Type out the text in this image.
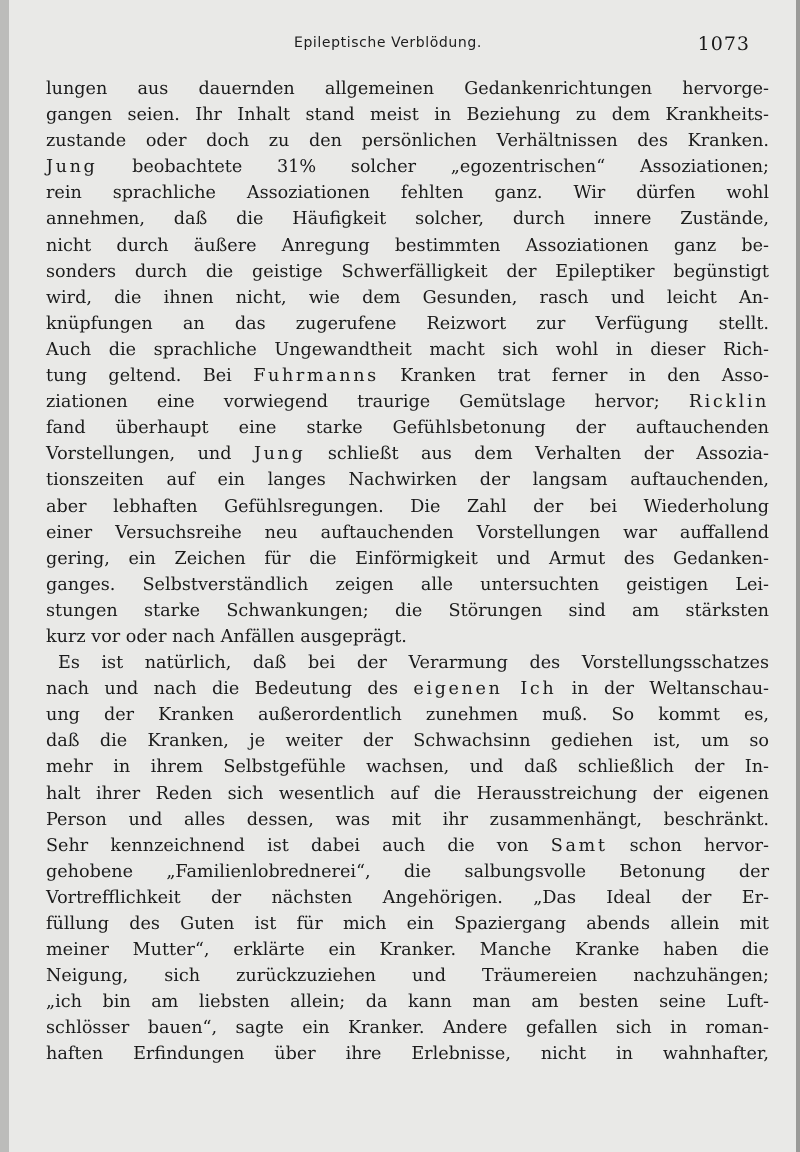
Epileptische Verblödung.	1073
lungen aus dauernden allgemeinen Gedankenrichtungen hervorge-
gangen seien. Ihr Inhalt stand meist in Beziehung zu dem Krankheits-
zustande oder doch zu den persönlichen Verhältnissen des Kranken.
Jung beobachtete 31% solcher „egozentrischen“ Assoziationen;
rein sprachliche Assoziationen fehlten ganz. Wir dürfen wohl
annehmen, daß die Häufigkeit solcher, durch innere Zustände,
nicht durch äußere Anregung bestimmten Assoziationen ganz be-
sonders durch die geistige Schwerfälligkeit der Epileptiker begünstigt
wird, die ihnen nicht, wie dem Gesunden, rasch und leicht An-
knüpfungen an das zugerufene Reizwort zur Verfügung stellt.
Auch die sprachliche Ungewandtheit macht sich wohl in dieser Rich-
tung geltend. Bei Fuhrmanns Kranken trat ferner in den Asso-
ziationen eine vorwiegend traurige Gemütslage hervor; Ricklin
fand überhaupt eine starke Gefühlsbetonung der auftauchenden
Vorstellungen, und Jung schließt aus dem Verhalten der Assozia-
tionszeiten auf ein langes Nachwirken der langsam auftauchenden,
aber lebhaften Gefühlsregungen. Die Zahl der bei Wiederholung
einer Versuchsreihe neu auftauchenden Vorstellungen war auffallend
gering, ein Zeichen für die Einförmigkeit und Armut des Gedanken-
ganges. Selbstverständlich zeigen alle untersuchten geistigen Lei-
stungen starke Schwankungen; die Störungen sind am stärksten
kurz vor oder nach Anfällen ausgeprägt.
Es ist natürlich, daß bei der Verarmung des Vorstellungsschatzes
nach und nach die Bedeutung des eigenen Ich in der Weltanschau-
ung der Kranken außerordentlich zunehmen muß. So kommt es,
daß die Kranken, je weiter der Schwachsinn gediehen ist, um so
mehr in ihrem Selbstgefühle wachsen, und daß schließlich der In-
halt ihrer Reden sich wesentlich auf die Herausstreichung der eigenen
Person und alles dessen, was mit ihr zusammenhängt, beschränkt.
Sehr kennzeichnend ist dabei auch die von Samt schon hervor-
gehobene „Familienlobrednerei“, die salbungsvolle Betonung der
Vortrefflichkeit der nächsten Angehörigen. „Das Ideal der Er-
füllung des Guten ist für mich ein Spaziergang abends allein mit
meiner Mutter“, erklärte ein Kranker. Manche Kranke haben die
Neigung, sich zurückzuziehen und Träumereien nachzuhängen;
„ich bin am liebsten allein; da kann man am besten seine Luft-
schlösser bauen“, sagte ein Kranker. Andere gefallen sich in roman-
haften Erfindungen über ihre Erlebnisse, nicht in wahnhafter,
